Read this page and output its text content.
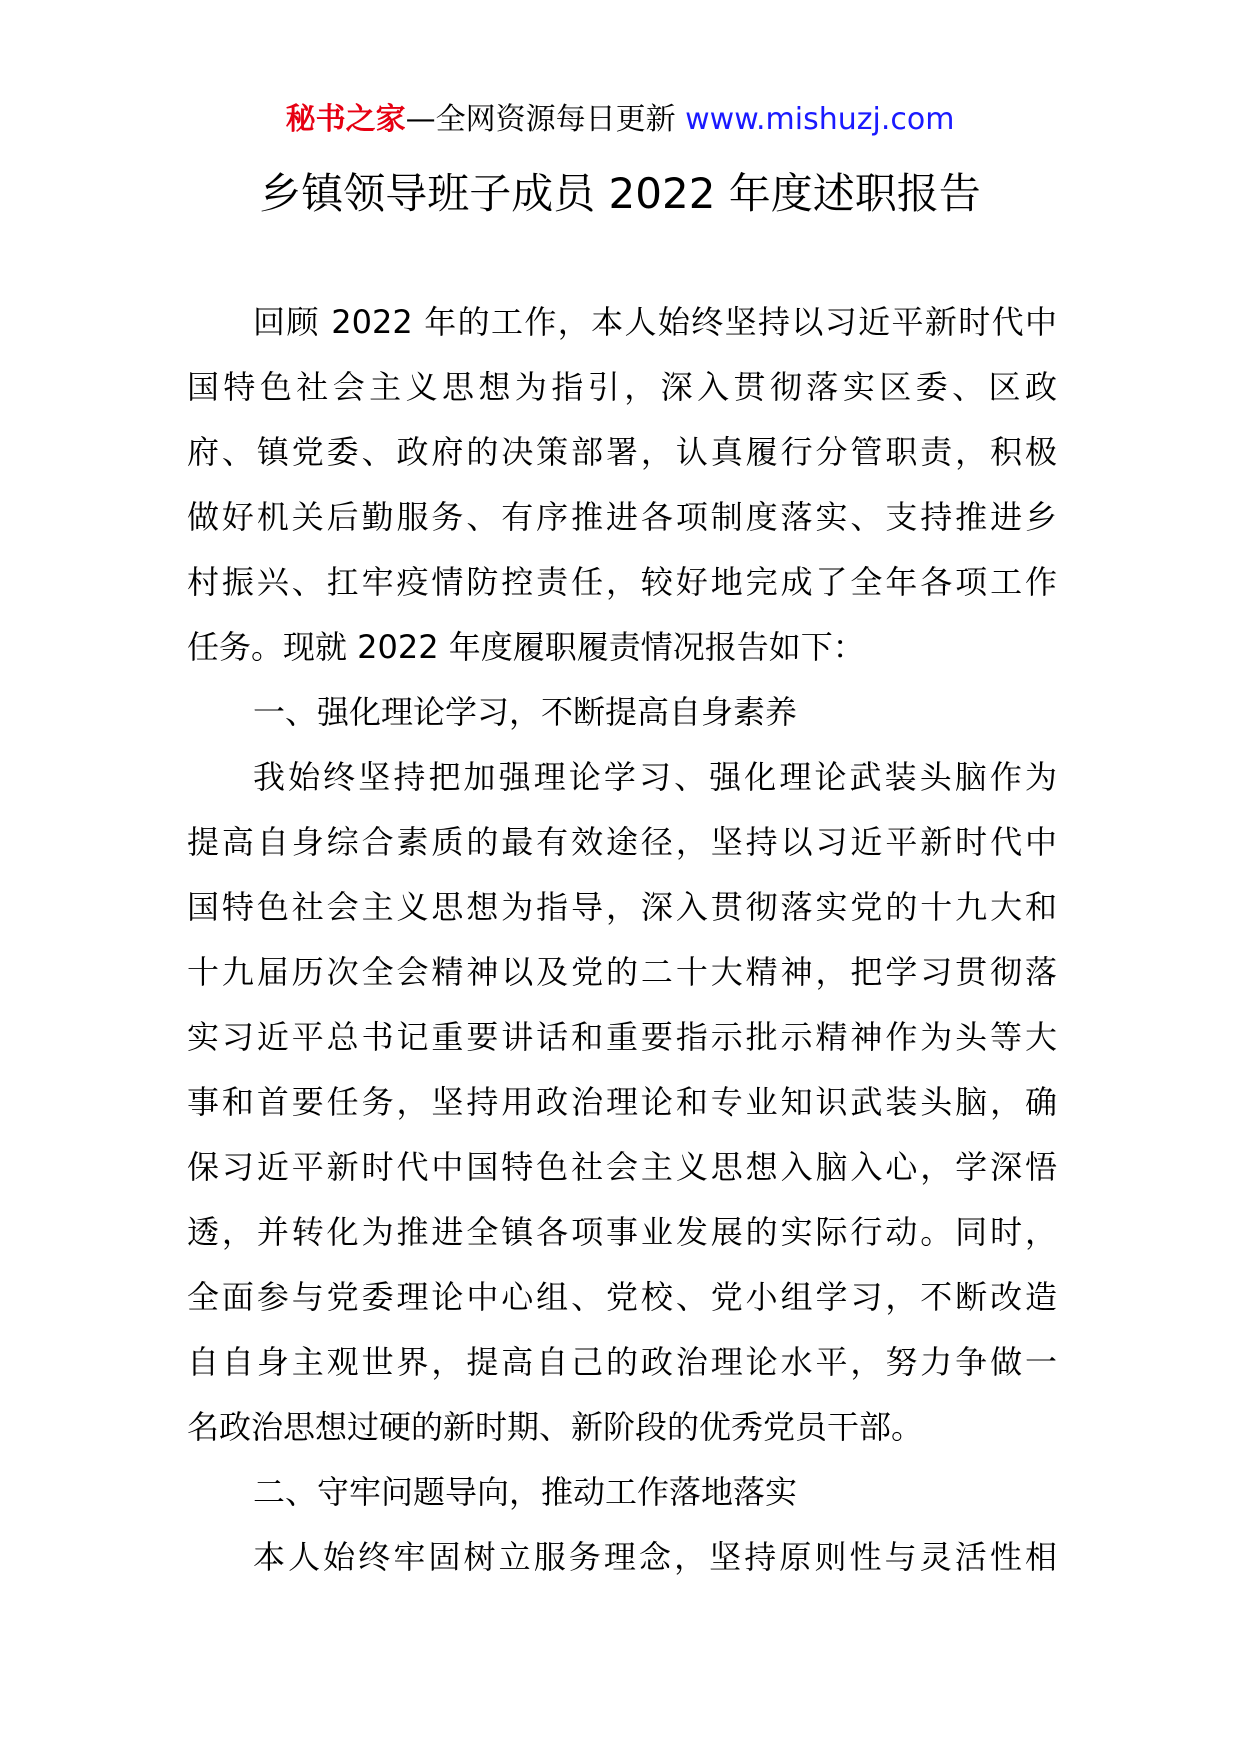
秘书之家—全网资源每日更新 www.mishuzj.com
乡镇领导班子成员 2022 年度述职报告
回顾 2022 年的工作，本人始终坚持以习近平新时代中
国特色社会主义思想为指引，深入贯彻落实区委、区政
府、镇党委、政府的决策部署，认真履行分管职责，积极
做好机关后勤服务、有序推进各项制度落实、支持推进乡
村振兴、扛牢疫情防控责任，较好地完成了全年各项工作
任务。现就 2022 年度履职履责情况报告如下：
一、强化理论学习，不断提高自身素养
我始终坚持把加强理论学习、强化理论武装头脑作为
提高自身综合素质的最有效途径，坚持以习近平新时代中
国特色社会主义思想为指导，深入贯彻落实党的十九大和
十九届历次全会精神以及党的二十大精神，把学习贯彻落
实习近平总书记重要讲话和重要指示批示精神作为头等大
事和首要任务，坚持用政治理论和专业知识武装头脑，确
保习近平新时代中国特色社会主义思想入脑入心，学深悟
透，并转化为推进全镇各项事业发展的实际行动。同时，
全面参与党委理论中心组、党校、党小组学习，不断改造
自自身主观世界，提高自己的政治理论水平，努力争做一
名政治思想过硬的新时期、新阶段的优秀党员干部。
二、守牢问题导向，推动工作落地落实
本人始终牢固树立服务理念，坚持原则性与灵活性相
